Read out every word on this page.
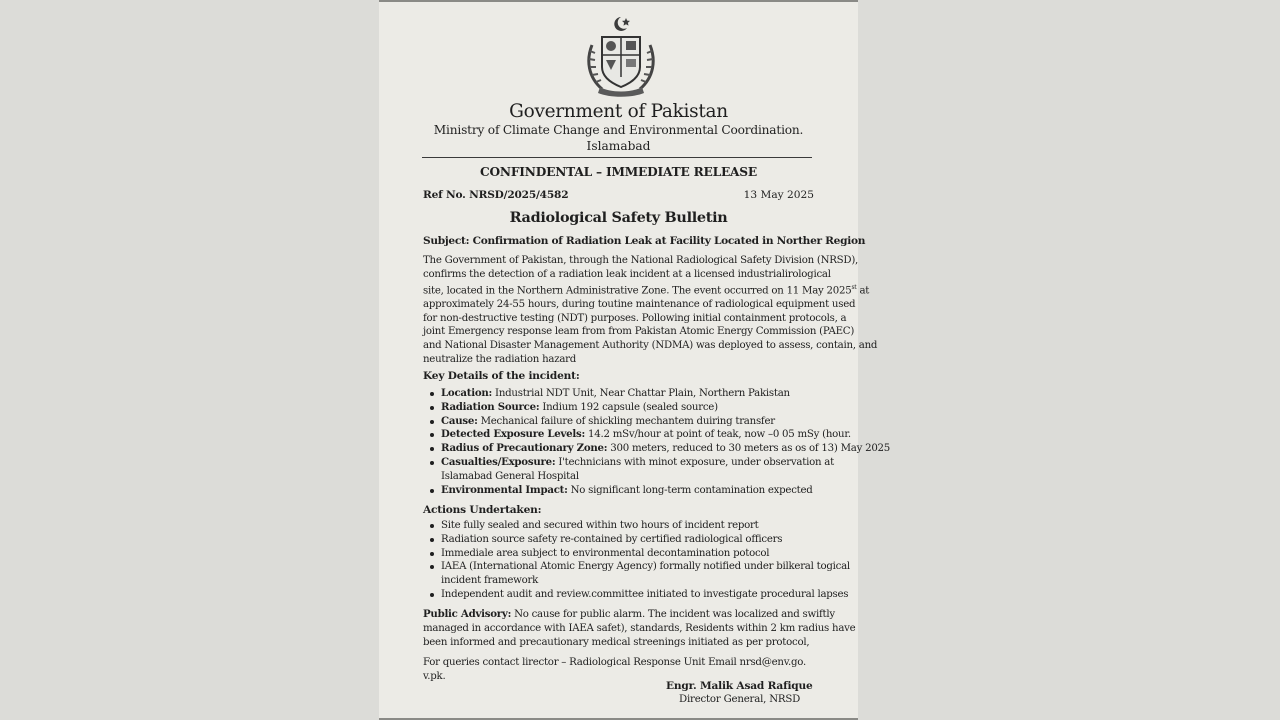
Government of Pakistan
Ministry of Climate Change and Environmental Coordination.
Islamabad
CONFINDENTAL – IMMEDIATE RELEASE
Ref No. NRSD/2025/4582	13 May 2025
Radiological Safety Bulletin
Subject: Confirmation of Radiation Leak at Facility Located in Norther Region
The Government of Pakistan, through the National Radiological Safety Division (NRSD),
confirms the detection of a radiation leak incident at a licensed industrialirological
site, located in the Northern Administrative Zone. The event occurred on 11 May 2025st at
approximately 24-55 hours, during toutine maintenance of radiological equipment used
for non-destructive testing (NDT) purposes. Pollowing initial containment protocols, a
joint Emergency response leam from from Pakistan Atomic Energy Commission (PAEC)
and National Disaster Management Authority (NDMA) was deployed to assess, contain, and
neutralize the radiation hazard
Key Details of the incident:
Location: Industrial NDT Unit, Near Chattar Plain, Northern Pakistan
Radiation Source: Indium 192 capsule (sealed source)
Cause: Mechanical failure of shickling mechantem duiring transfer
Detected Exposure Levels: 14.2 mSv/hour at point of teak, now –0 05 mSy (hour.
Radius of Precautionary Zone: 300 meters, reduced to 30 meters as os of 13) May 2025
Casualties/Exposure: I'technicians with minot exposure, under observation at
Islamabad General Hospital
Environmental Impact: No significant long-term contamination expected
Actions Undertaken:
Site fully sealed and secured within two hours of incident report
Radiation source safety re-contained by certified radiological officers
Immediale area subject to environmental decontamination potocol
IAEA (International Atomic Energy Agency) formally notified under bilkeral togical
incident framework
Independent audit and review.committee initiated to investigate procedural lapses
Public Advisory: No cause for public alarm. The incident was localized and swiftly
managed in accordance with IAEA safet), standards, Residents within 2 km radius have
been informed and precautionary medical streenings initiated as per protocol,
For queries contact lirector – Radiological Response Unit Email nrsd@env.go.
v.pk.
Engr. Malik Asad Rafique
Director General, NRSD
